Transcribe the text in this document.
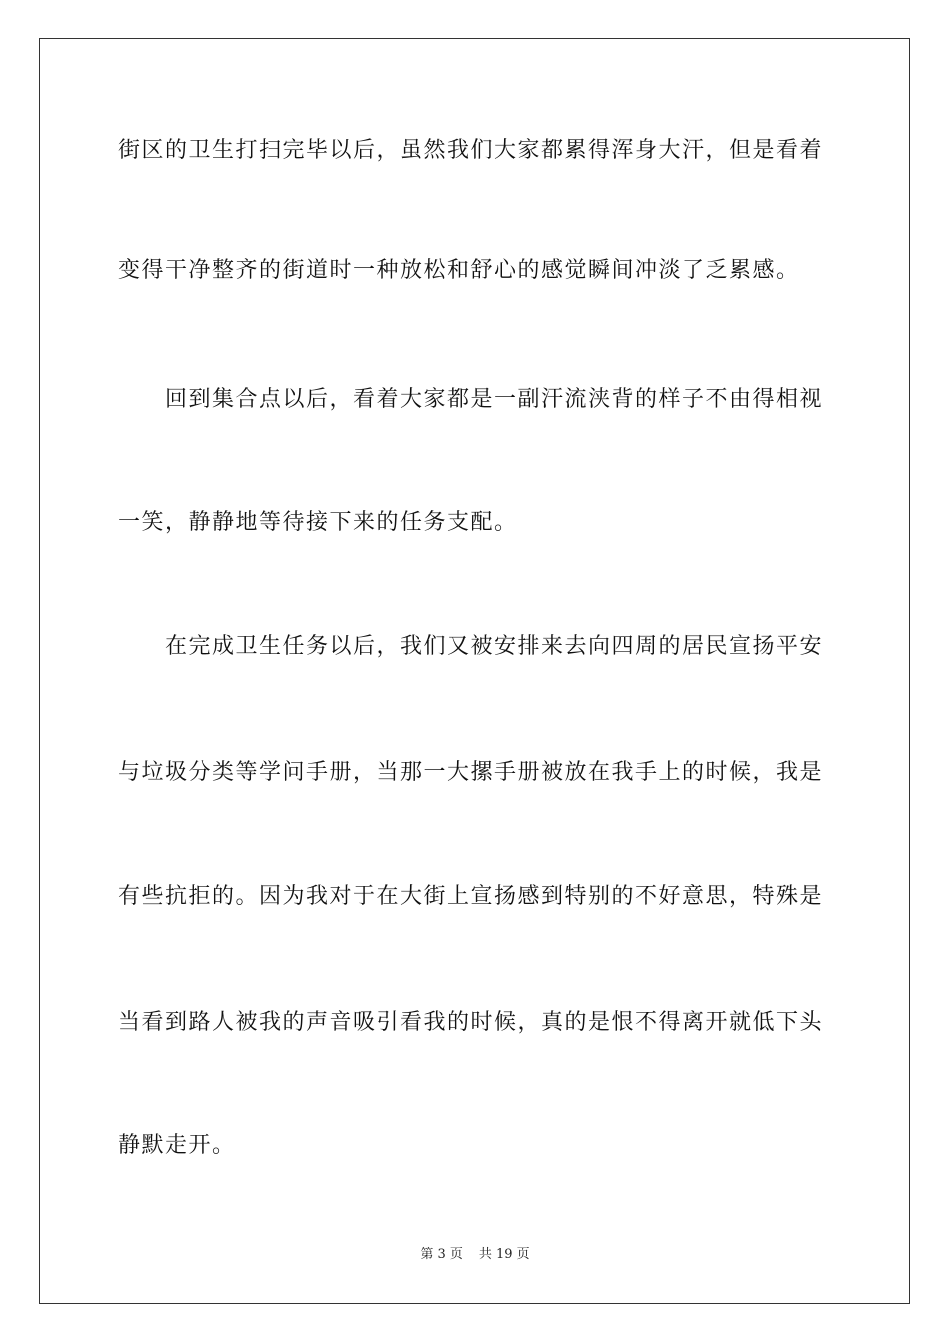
街区的卫生打扫完毕以后，虽然我们大家都累得浑身大汗，但是看着
变得干净整齐的街道时一种放松和舒心的感觉瞬间冲淡了乏累感。
回到集合点以后，看着大家都是一副汗流浃背的样子不由得相视
一笑，静静地等待接下来的任务支配。
在完成卫生任务以后，我们又被安排来去向四周的居民宣扬平安
与垃圾分类等学问手册，当那一大摞手册被放在我手上的时候，我是
有些抗拒的。因为我对于在大街上宣扬感到特别的不好意思，特殊是
当看到路人被我的声音吸引看我的时候，真的是恨不得离开就低下头
静默走开。
第 3 页 共 19 页
